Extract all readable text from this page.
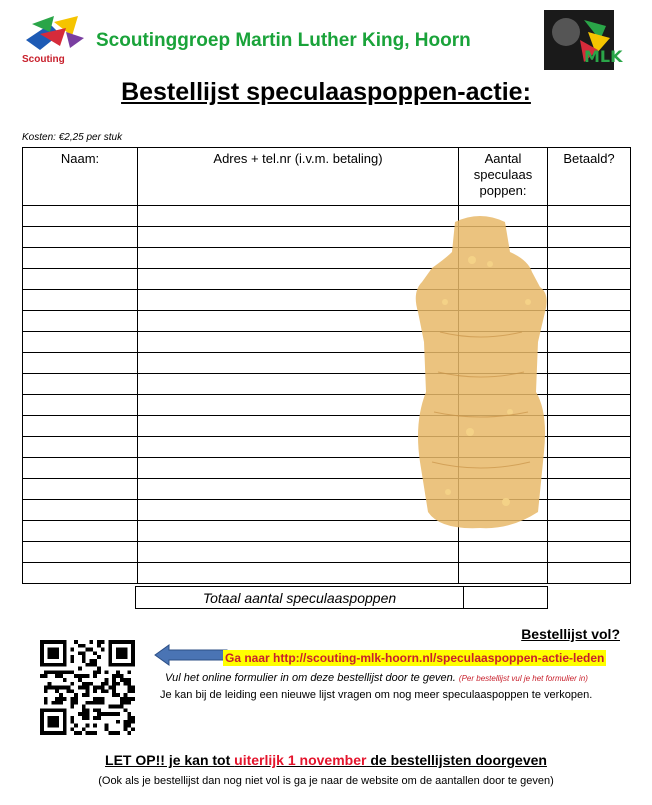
Scouting
Scoutinggroep Martin Luther King, Hoorn
MLK
Bestellijst speculaaspoppen-actie:
Kosten: €2,25 per stuk
Naam:	Adres + tel.nr (i.v.m. betaling)	Aantal speculaas poppen:	Betaald?

Totaal aantal speculaaspoppen	
Bestellijst vol?
Ga naar http://scouting-mlk-hoorn.nl/speculaaspoppen-actie-leden
Vul het online formulier in om deze bestellijst door te geven. (Per bestellijst vul je het formulier in)
Je kan bij de leiding een nieuwe lijst vragen om nog meer speculaaspoppen te verkopen.
LET OP!! je kan tot uiterlijk 1 november de bestellijsten doorgeven
(Ook als je bestellijst dan nog niet vol is ga je naar de website om de aantallen door te geven)
